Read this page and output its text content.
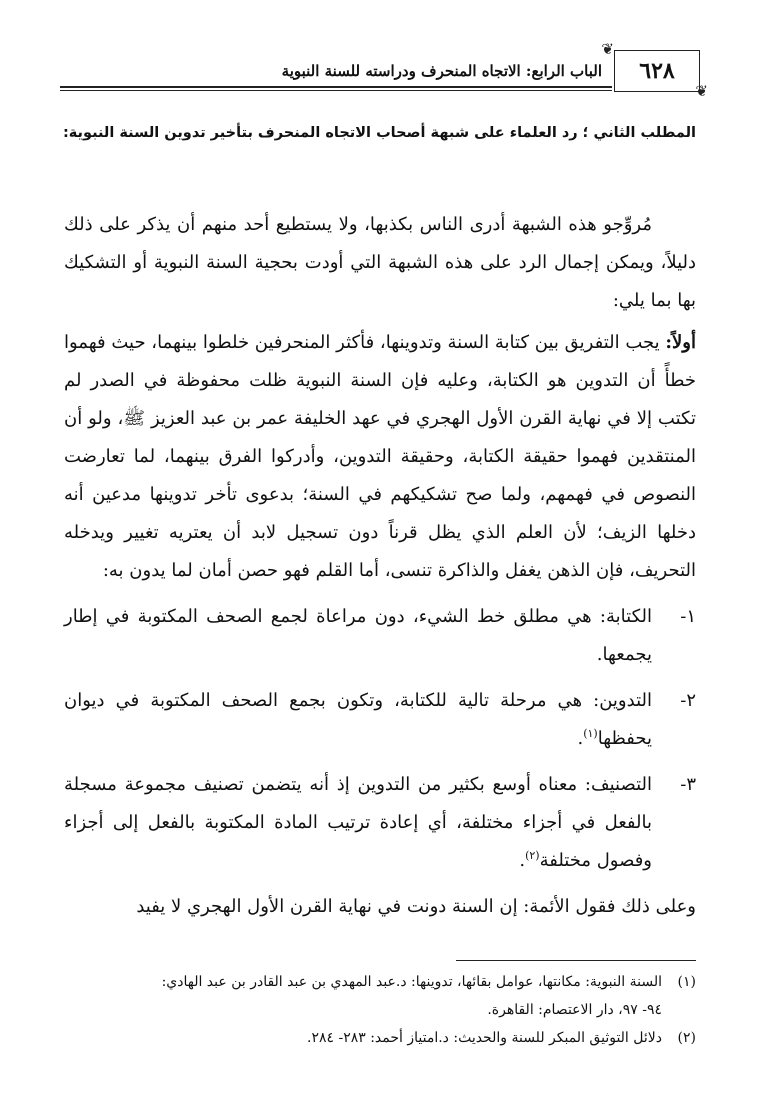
٦٢٨
❦
❦
الباب الرابع: الاتجاه المنحرف ودراسته للسنة النبوية
المطلب الثاني ؛ رد العلماء على شبهة أصحاب الاتجاه المنحرف بتأخير تدوين السنة النبوية:

مُروِّجو هذه الشبهة أدرى الناس بكذبها، ولا يستطيع أحد منهم أن يذكر على ذلك دليلاً، ويمكن إجمال الرد على هذه الشبهة التي أودت بحجية السنة النبوية أو التشكيك بها بما يلي:

أولاً: يجب التفريق بين كتابة السنة وتدوينها، فأكثر المنحرفين خلطوا بينهما، حيث فهموا خطأً أن التدوين هو الكتابة، وعليه فإن السنة النبوية ظلت محفوظة في الصدر لم تكتب إلا في نهاية القرن الأول الهجري في عهد الخليفة عمر بن عبد العزيز ﷺ، ولو أن المنتقدين فهموا حقيقة الكتابة، وحقيقة التدوين، وأدركوا الفرق بينهما، لما تعارضت النصوص في فهمهم، ولما صح تشكيكهم في السنة؛ بدعوى تأخر تدوينها مدعين أنه دخلها الزيف؛ لأن العلم الذي يظل قرناً دون تسجيل لابد أن يعتريه تغيير ويدخله التحريف، فإن الذهن يغفل والذاكرة تنسى، أما القلم فهو حصن أمان لما يدون به:

١-
الكتابة: هي مطلق خط الشيء، دون مراعاة لجمع الصحف المكتوبة في إطار يجمعها.
٢-
التدوين: هي مرحلة تالية للكتابة، وتكون بجمع الصحف المكتوبة في ديوان يحفظها$^{(١)}$.
٣-
التصنيف: معناه أوسع بكثير من التدوين إذ أنه يتضمن تصنيف مجموعة مسجلة بالفعل في أجزاء مختلفة، أي إعادة ترتيب المادة المكتوبة بالفعل إلى أجزاء وفصول مختلفة$^{(٢)}$.

وعلى ذلك فقول الأئمة: إن السنة دونت في نهاية القرن الأول الهجري لا يفيد

(١)السنة النبوية: مكانتها، عوامل بقائها، تدوينها: د.عبد المهدي بن عبد القادر بن عبد الهادي:

٩٤- ٩٧، دار الاعتصام: القاهرة.

(٢)دلائل التوثيق المبكر للسنة والحديث: د.امتياز أحمد: ٢٨٣- ٢٨٤.
